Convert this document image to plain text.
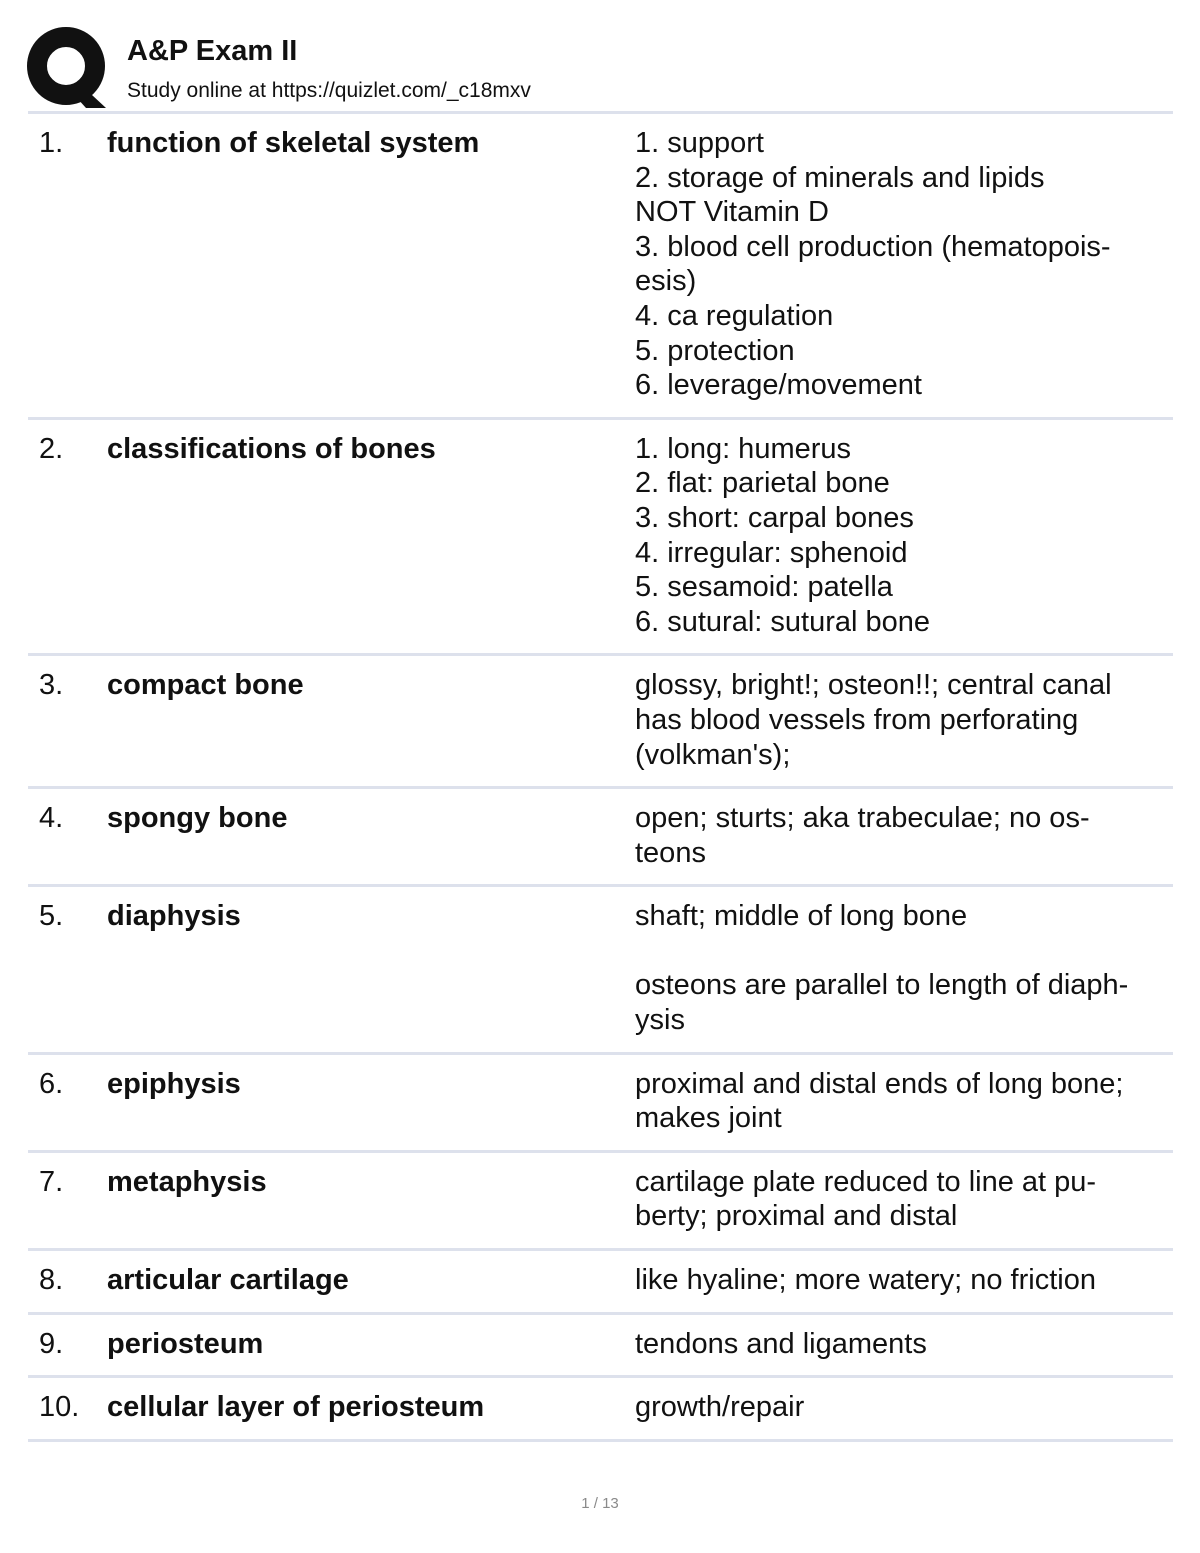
A&P Exam II
Study online at https://quizlet.com/_c18mxv
1. function of skeletal system	1. support
2. storage of minerals and lipids
NOT Vitamin D
3. blood cell production (hematopois-
esis)
4. ca regulation
5. protection
6. leverage/movement
2. classifications of bones	1. long: humerus
2. flat: parietal bone
3. short: carpal bones
4. irregular: sphenoid
5. sesamoid: patella
6. sutural: sutural bone
3. compact bone	glossy, bright!; osteon!!; central canal
has blood vessels from perforating
(volkman's);
4. spongy bone	open; sturts; aka trabeculae; no os-
teons
5. diaphysis	shaft; middle of long bone

osteons are parallel to length of diaph-
ysis
6. epiphysis	proximal and distal ends of long bone;
makes joint
7. metaphysis	cartilage plate reduced to line at pu-
berty; proximal and distal
8. articular cartilage	like hyaline; more watery; no friction
9. periosteum	tendons and ligaments
10. cellular layer of periosteum	growth/repair
1 / 13
